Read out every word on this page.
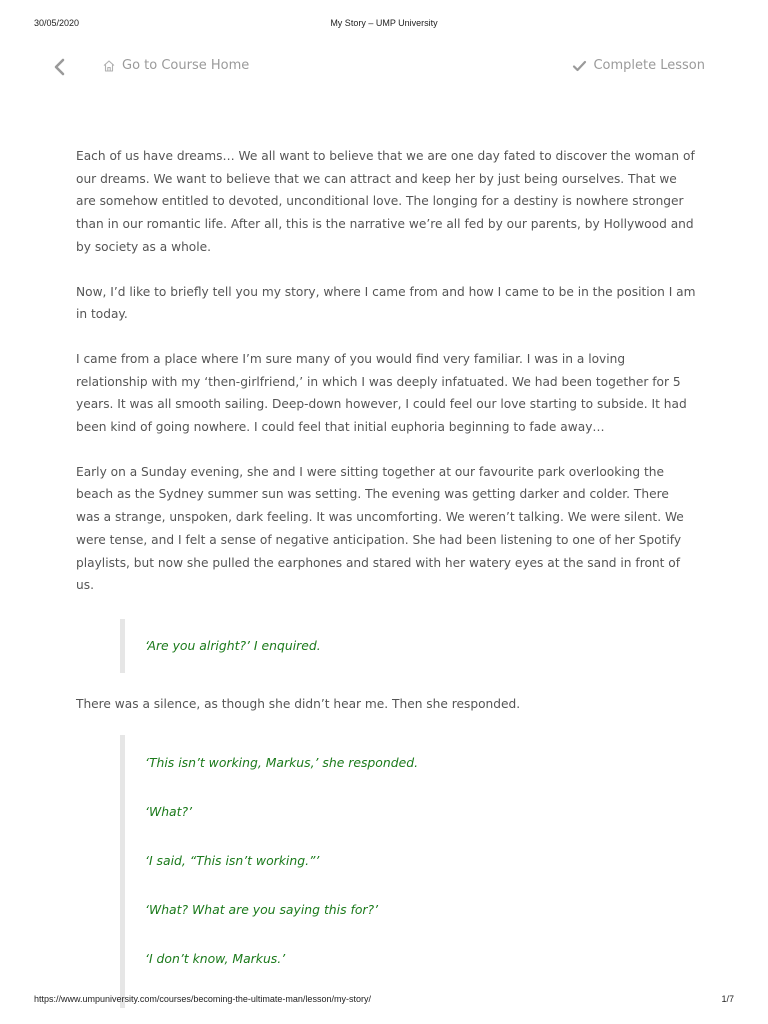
30/05/2020	My Story – UMP University
Go to Course Home	Complete Lesson

Each of us have dreams… We all want to believe that we are one day fated to discover the woman of our dreams. We want to believe that we can attract and keep her by just being ourselves. That we are somehow entitled to devoted, unconditional love. The longing for a destiny is nowhere stronger than in our romantic life. After all, this is the narrative we’re all fed by our parents, by Hollywood and by society as a whole.

Now, I’d like to briefly tell you my story, where I came from and how I came to be in the position I am in today.

I came from a place where I’m sure many of you would find very familiar. I was in a loving relationship with my ‘then-girlfriend,’ in which I was deeply infatuated. We had been together for 5 years. It was all smooth sailing. Deep-down however, I could feel our love starting to subside. It had been kind of going nowhere. I could feel that initial euphoria beginning to fade away…

Early on a Sunday evening, she and I were sitting together at our favourite park overlooking the beach as the Sydney summer sun was setting. The evening was getting darker and colder. There was a strange, unspoken, dark feeling. It was uncomforting. We weren’t talking. We were silent. We were tense, and I felt a sense of negative anticipation. She had been listening to one of her Spotify playlists, but now she pulled the earphones and stared with her watery eyes at the sand in front of us.

‘Are you alright?’ I enquired.

There was a silence, as though she didn’t hear me. Then she responded.

‘This isn’t working, Markus,’ she responded.

‘What?’

‘I said, “This isn’t working.”’

‘What? What are you saying this for?’

‘I don’t know, Markus.’

https://www.umpuniversity.com/courses/becoming-the-ultimate-man/lesson/my-story/	1/7
